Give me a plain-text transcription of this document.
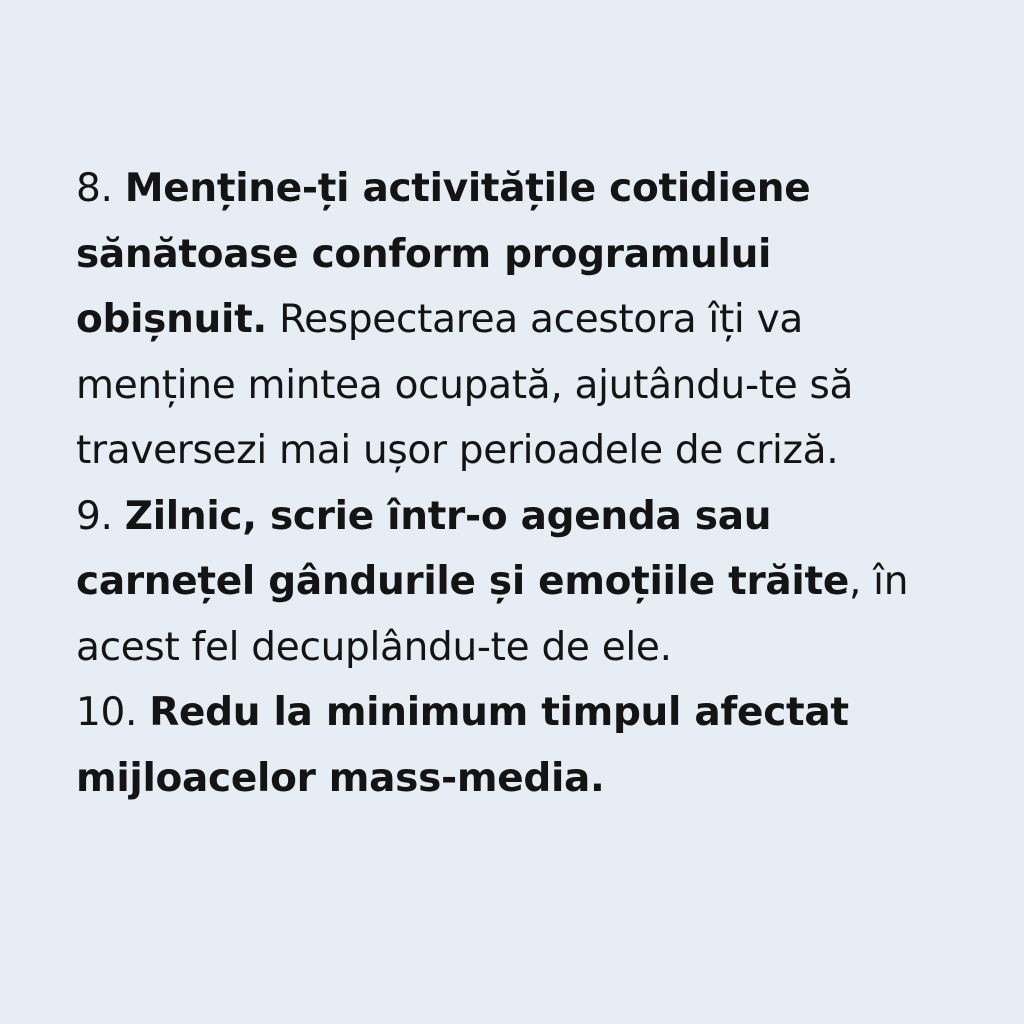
8. Menține-ți activitățile cotidiene sănătoase conform programului obișnuit. Respectarea acestora îți va menține mintea ocupată, ajutându-te să traversezi mai ușor perioadele de criză.

9. Zilnic, scrie într-o agenda sau carnețel gândurile și emoțiile trăite, în acest fel decuplându-te de ele.

10. Redu la minimum timpul afectat mijloacelor mass-media.
